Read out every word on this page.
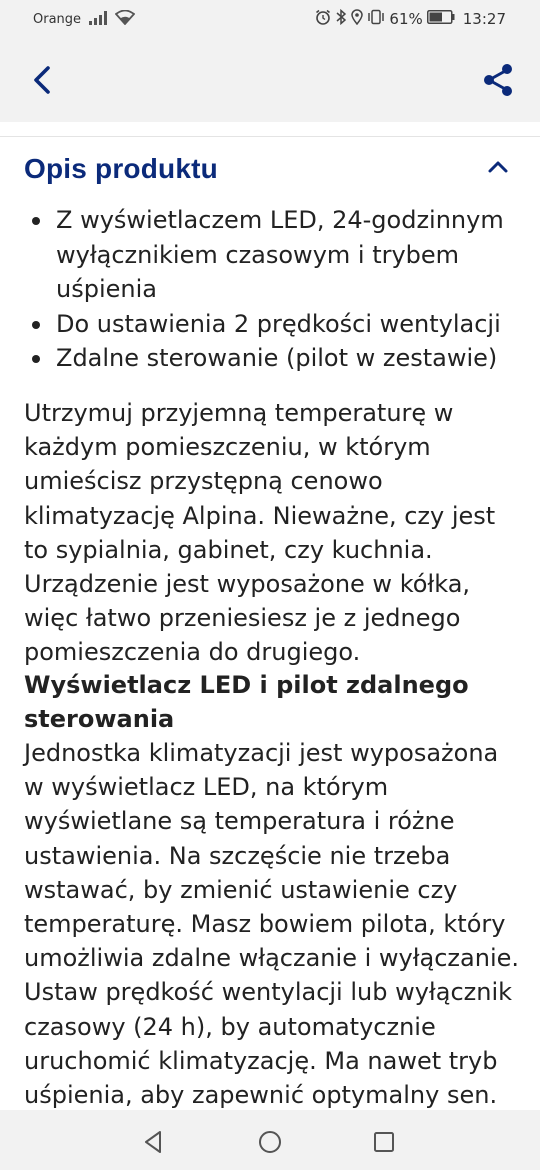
Orange	61%	13:27
Opis produktu
Z wyświetlaczem LED, 24-godzinnym wyłącznikiem czasowym i trybem uśpienia
Do ustawienia 2 prędkości wentylacji
Zdalne sterowanie (pilot w zestawie)

Utrzymuj przyjemną temperaturę w każdym pomieszczeniu, w którym umieścisz przystępną cenowo klimatyzację Alpina. Nieważne, czy jest to sypialnia, gabinet, czy kuchnia. Urządzenie jest wyposażone w kółka, więc łatwo przeniesiesz je z jednego pomieszczenia do drugiego.

Wyświetlacz LED i pilot zdalnego sterowania

Jednostka klimatyzacji jest wyposażona w wyświetlacz LED, na którym wyświetlane są temperatura i różne ustawienia. Na szczęście nie trzeba wstawać, by zmienić ustawienie czy temperaturę. Masz bowiem pilota, który umożliwia zdalne włączanie i wyłączanie. Ustaw prędkość wentylacji lub wyłącznik czasowy (24 h), by automatycznie uruchomić klimatyzację. Ma nawet tryb uśpienia, aby zapewnić optymalny sen.
